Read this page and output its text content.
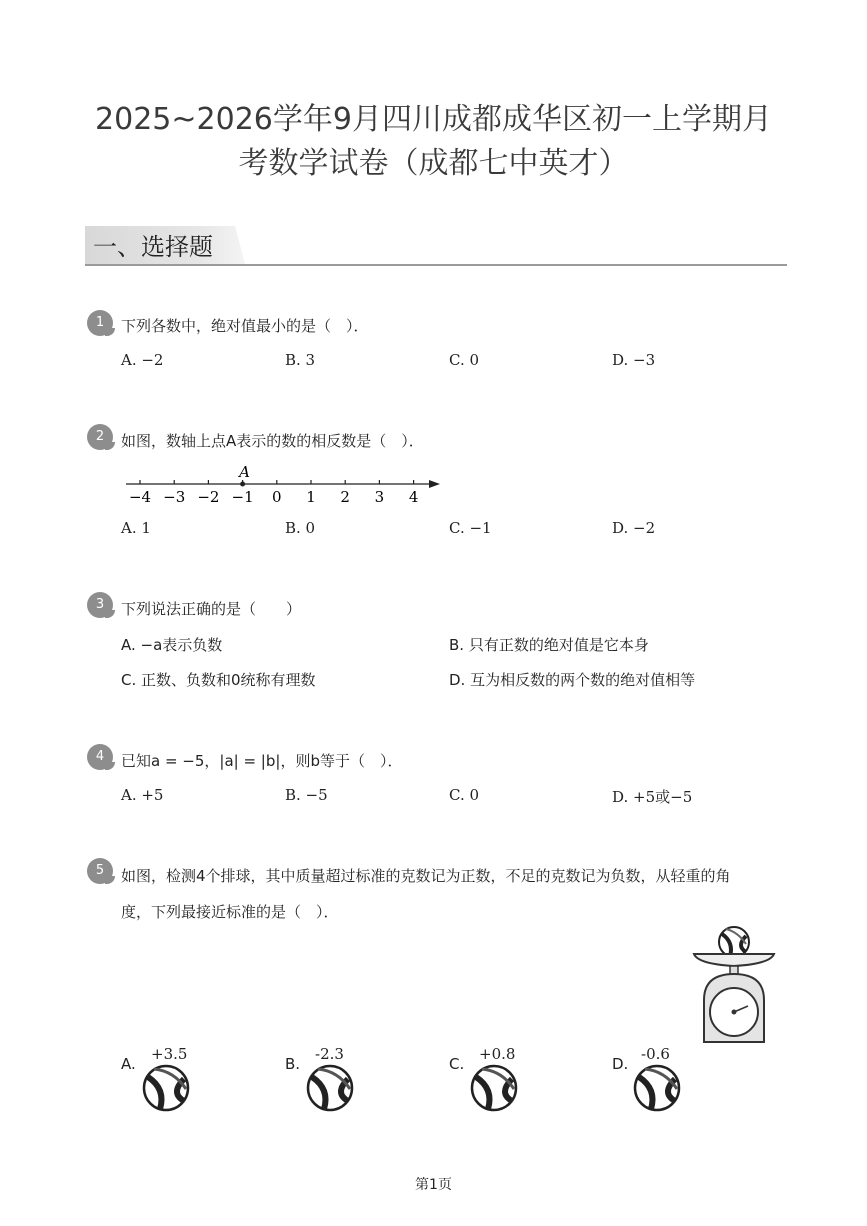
2025~2026学年9月四川成都成华区初一上学期月
考数学试卷（成都七中英才）
一、选择题
1	下列各数中，绝对值最小的是（　）．
A. −2	B. 3	C. 0	D. −3
2	如图，数轴上点A表示的数的相反数是（　）．
−4 −3 −2 −1 0 1 2 3 4
A
A. 1	B. 0	C. −1	D. −2
3	下列说法正确的是（　　）
A. −a表示负数	B. 只有正数的绝对值是它本身
C. 正数、负数和0统称有理数	D. 互为相反数的两个数的绝对值相等
4	已知a = −5，|a| = |b|，则b等于（　）．
A. +5	B. −5	C. 0	D. +5或−5
5	如图，检测4个排球，其中质量超过标准的克数记为正数，不足的克数记为负数，从轻重的角
度，下列最接近标准的是（　）．
A.	B.	C.	D.
+3.5	-2.3	+0.8	-0.6
第1页
